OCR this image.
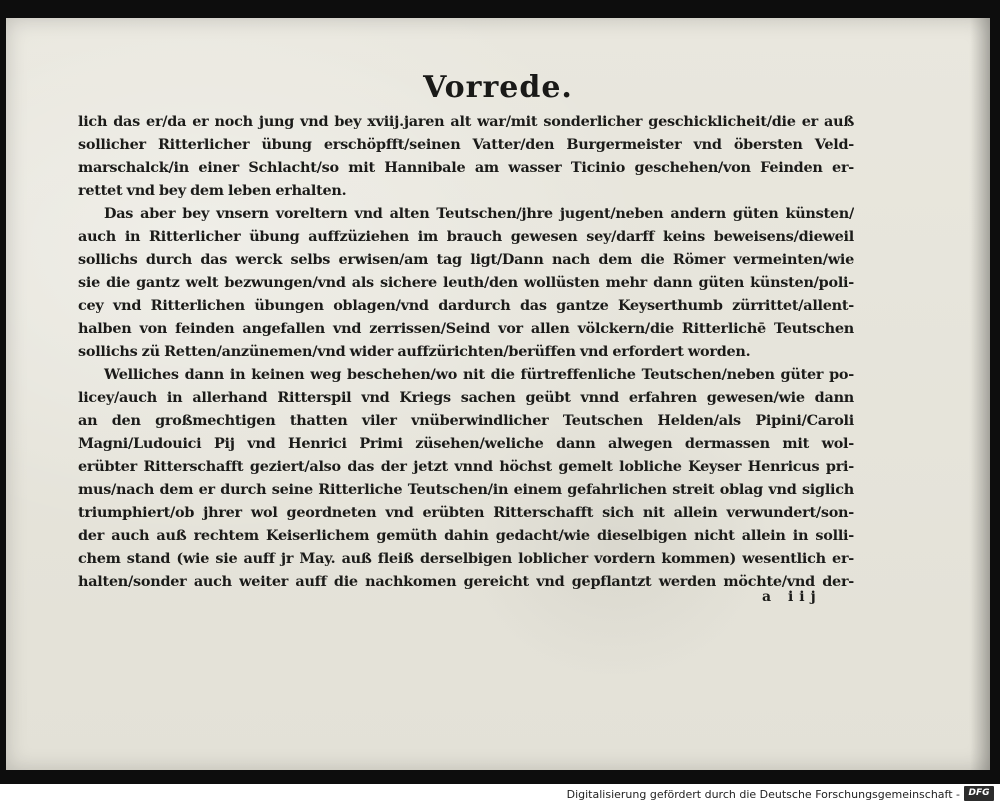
Vorrede.
lich das er/da er noch jung vnd bey xviij.jaren alt war/mit sonderlicher geschicklicheit/die er auß
sollicher Ritterlicher übung erschöpfft/seinen Vatter/den Burgermeister vnd öbersten Veld-
marschalck/in einer Schlacht/so mit Hannibale am wasser Ticinio geschehen/von Feinden er-
rettet vnd bey dem leben erhalten.
Das aber bey vnsern voreltern vnd alten Teutschen/jhre jugent/neben andern güten künsten/
auch in Ritterlicher übung auffzüziehen im brauch gewesen sey/darff keins beweisens/dieweil
sollichs durch das werck selbs erwisen/am tag ligt/Dann nach dem die Römer vermeinten/wie
sie die gantz welt bezwungen/vnd als sichere leuth/den wollüsten mehr dann güten künsten/poli-
cey vnd Ritterlichen übungen oblagen/vnd dardurch das gantze Keyserthumb zürrittet/allent-
halben von feinden angefallen vnd zerrissen/Seind vor allen völckern/die Ritterlichē Teutschen
sollichs zü Retten/anzünemen/vnd wider auffzürichten/berüffen vnd erfordert worden.
Welliches dann in keinen weg beschehen/wo nit die fürtreffenliche Teutschen/neben güter po-
licey/auch in allerhand Ritterspil vnd Kriegs sachen geübt vnnd erfahren gewesen/wie dann
an den großmechtigen thatten viler vnüberwindlicher Teutschen Helden/als Pipini/Caroli
Magni/Ludouici Pij vnd Henrici Primi züsehen/weliche dann alwegen dermassen mit wol-
erübter Ritterschafft geziert/also das der jetzt vnnd höchst gemelt lobliche Keyser Henricus pri-
mus/nach dem er durch seine Ritterliche Teutschen/in einem gefahrlichen streit oblag vnd siglich
triumphiert/ob jhrer wol geordneten vnd erübten Ritterschafft sich nit allein verwundert/son-
der auch auß rechtem Keiserlichem gemüth dahin gedacht/wie dieselbigen nicht allein in solli-
chem stand (wie sie auff jr May. auß fleiß derselbigen loblicher vordern kommen) wesentlich er-
halten/sonder auch weiter auff die nachkomen gereicht vnd gepflantzt werden möchte/vnd der-
a iij
Digitalisierung gefördert durch die Deutsche Forschungsgemeinschaft - DFG
